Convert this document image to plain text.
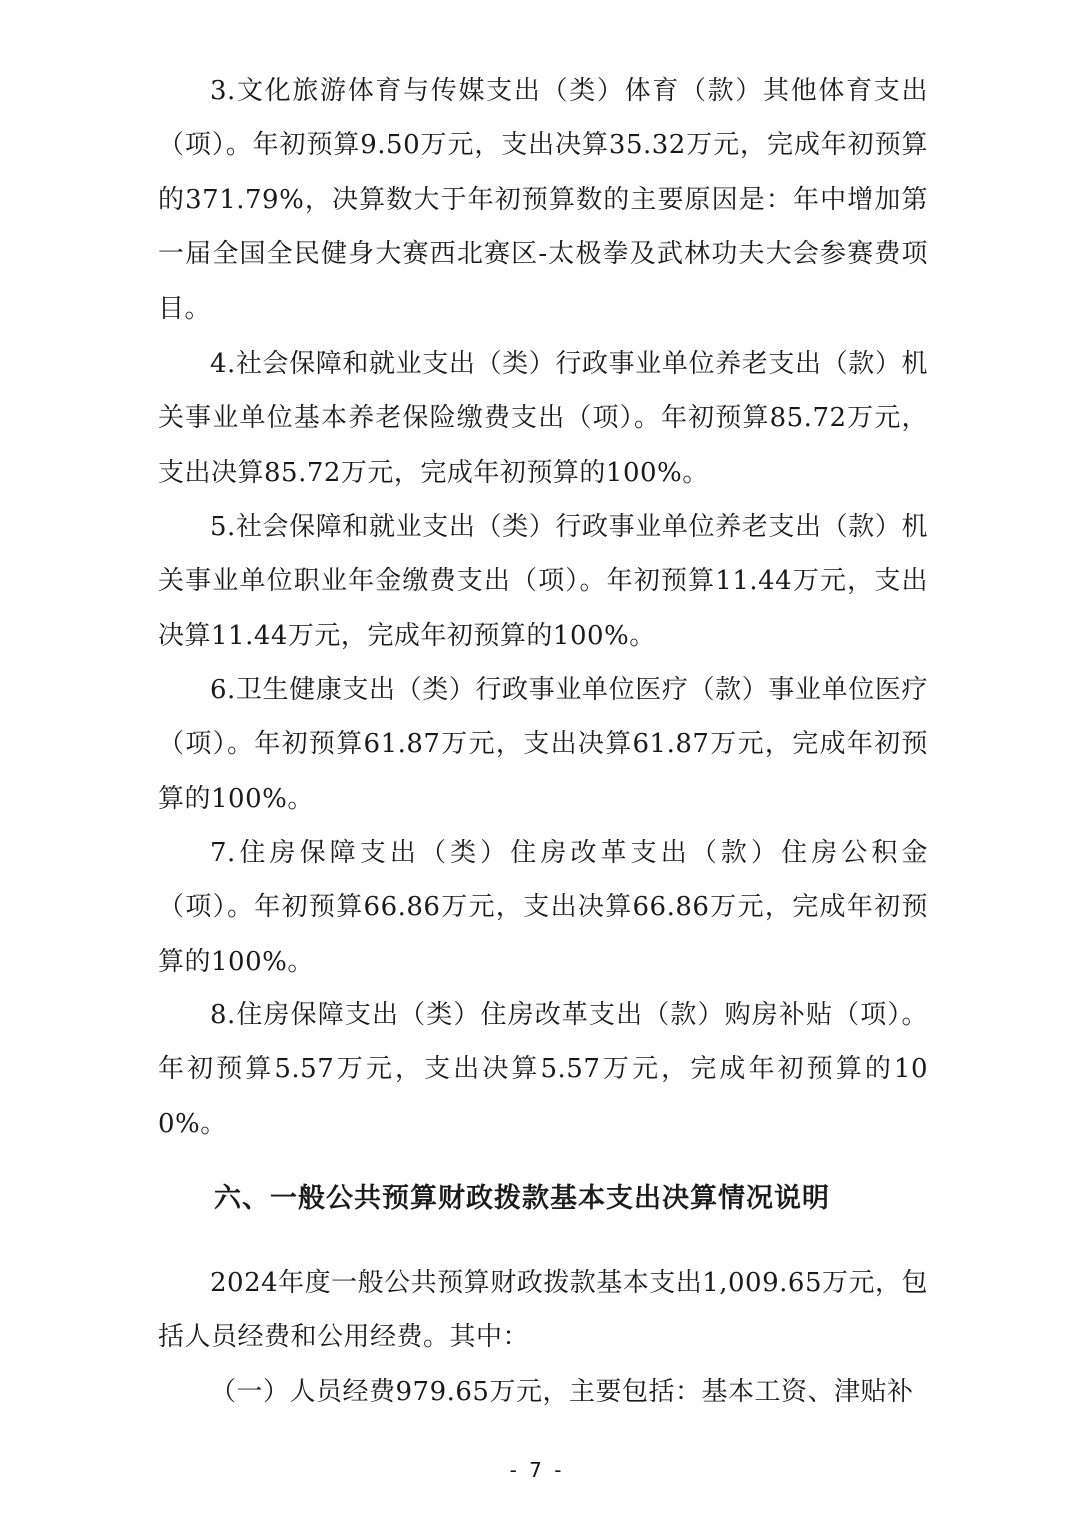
3.文化旅游体育与传媒支出（类）体育（款）其他体育支出（项）。年初预算9.50万元，支出决算35.32万元，完成年初预算的371.79%，决算数大于年初预算数的主要原因是：年中增加第一届全国全民健身大赛西北赛区-太极拳及武林功夫大会参赛费项目。

4.社会保障和就业支出（类）行政事业单位养老支出（款）机关事业单位基本养老保险缴费支出（项）。年初预算85.72万元，支出决算85.72万元，完成年初预算的100%。

5.社会保障和就业支出（类）行政事业单位养老支出（款）机关事业单位职业年金缴费支出（项）。年初预算11.44万元，支出决算11.44万元，完成年初预算的100%。

6.卫生健康支出（类）行政事业单位医疗（款）事业单位医疗（项）。年初预算61.87万元，支出决算61.87万元，完成年初预算的100%。

7.住房保障支出（类）住房改革支出（款）住房公积金（项）。年初预算66.86万元，支出决算66.86万元，完成年初预算的100%。

8.住房保障支出（类）住房改革支出（款）购房补贴（项）。年初预算5.57万元，支出决算5.57万元，完成年初预算的100%。

六、一般公共预算财政拨款基本支出决算情况说明

2024年度一般公共预算财政拨款基本支出1,009.65万元，包括人员经费和公用经费。其中：

（一）人员经费979.65万元，主要包括：基本工资、津贴补

- 7 -
